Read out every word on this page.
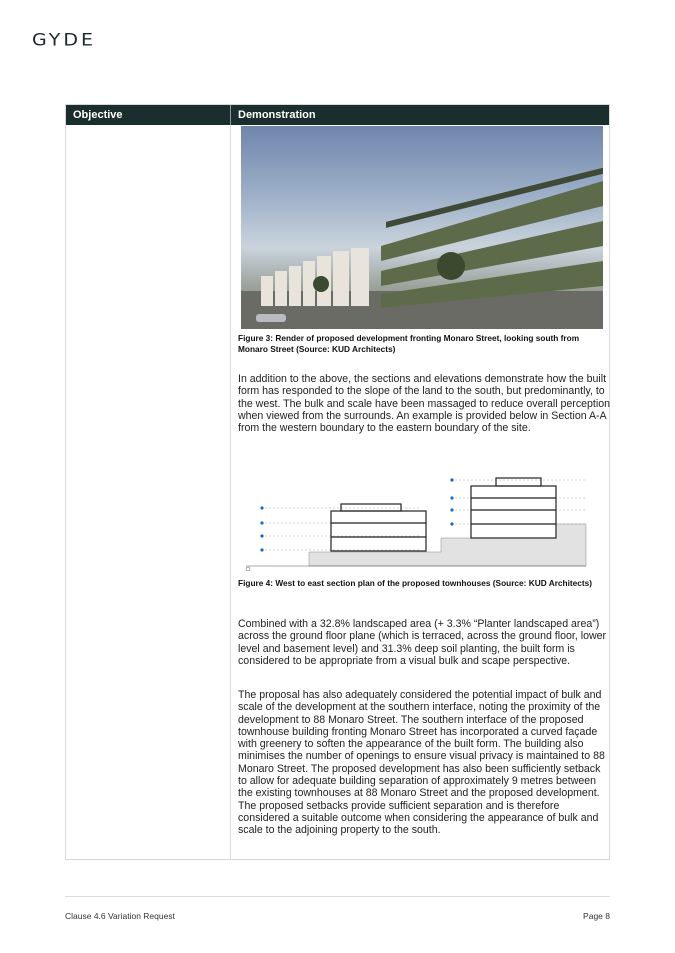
GYDE
Objective	Demonstration
Figure 3: Render of proposed development fronting Monaro Street, looking south from Monaro Street (Source: KUD Architects)
In addition to the above, the sections and elevations demonstrate how the built form has responded to the slope of the land to the south, but predominantly, to the west. The bulk and scale have been massaged to reduce overall perception when viewed from the surrounds. An example is provided below in Section A-A from the western boundary to the eastern boundary of the site.
Figure 4: West to east section plan of the proposed townhouses (Source: KUD Architects)
Combined with a 32.8% landscaped area (+ 3.3% “Planter landscaped area”) across the ground floor plane (which is terraced, across the ground floor, lower level and basement level) and 31.3% deep soil planting, the built form is considered to be appropriate from a visual bulk and scape perspective.
The proposal has also adequately considered the potential impact of bulk and scale of the development at the southern interface, noting the proximity of the development to 88 Monaro Street. The southern interface of the proposed townhouse building fronting Monaro Street has incorporated a curved façade with greenery to soften the appearance of the built form. The building also minimises the number of openings to ensure visual privacy is maintained to 88 Monaro Street. The proposed development has also been sufficiently setback to allow for adequate building separation of approximately 9 metres between the existing townhouses at 88 Monaro Street and the proposed development. The proposed setbacks provide sufficient separation and is therefore considered a suitable outcome when considering the appearance of bulk and scale to the adjoining property to the south.
Clause 4.6 Variation Request	Page 8
